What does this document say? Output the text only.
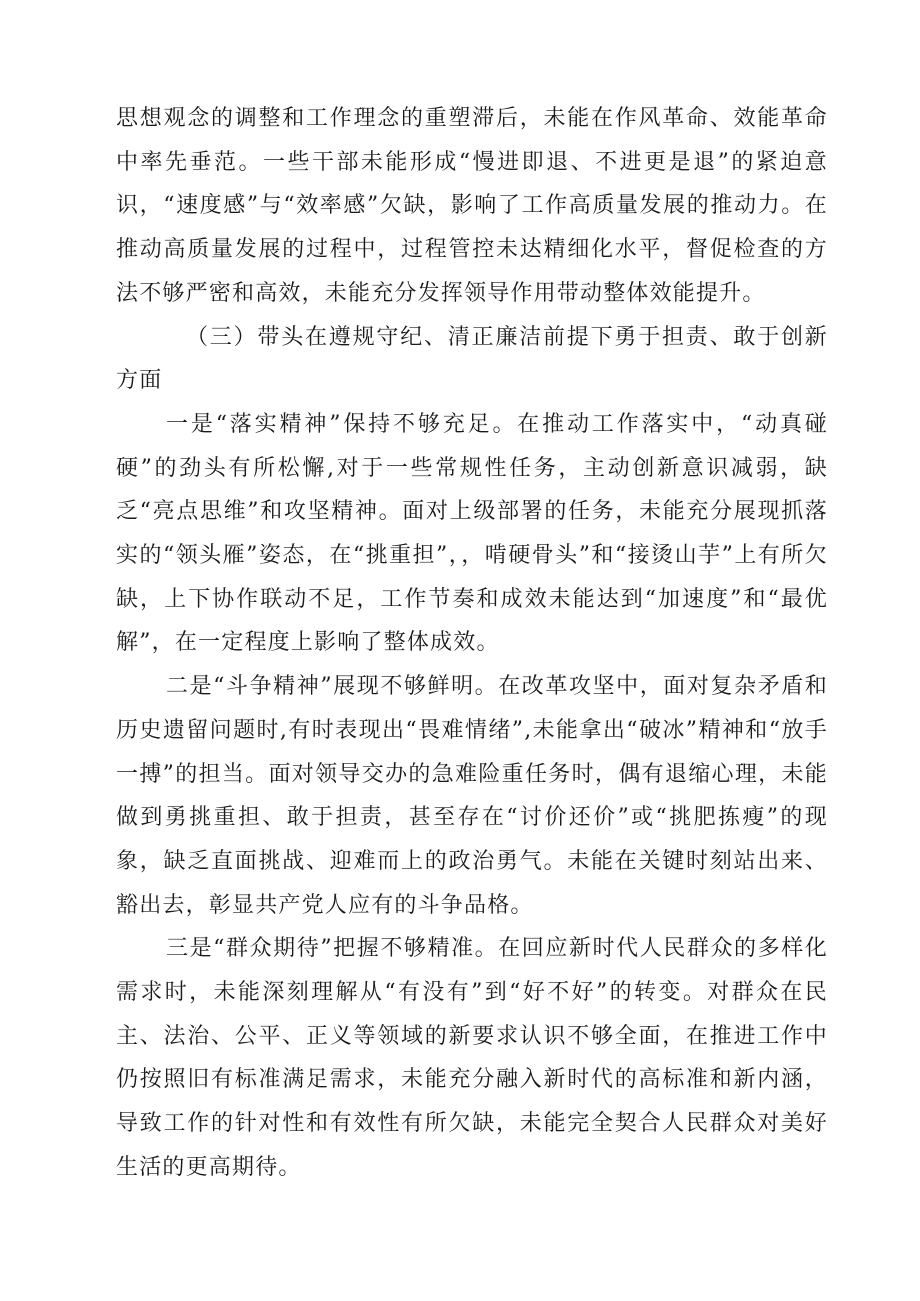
思想观念的调整和工作理念的重塑滞后，未能在作风革命、效能革命中率先垂范。一些干部未能形成“慢进即退、不进更是退”的紧迫意识，“速度感”与“效率感”欠缺，影响了工作高质量发展的推动力。在推动高质量发展的过程中，过程管控未达精细化水平，督促检查的方法不够严密和高效，未能充分发挥领导作用带动整体效能提升。

（三）带头在遵规守纪、清正廉洁前提下勇于担责、敢于创新方面

一是“落实精神”保持不够充足。在推动工作落实中，“动真碰硬”的劲头有所松懈,对于一些常规性任务，主动创新意识减弱，缺乏“亮点思维”和攻坚精神。面对上级部署的任务，未能充分展现抓落实的“领头雁”姿态，在“挑重担”，，啃硬骨头”和“接烫山芋”上有所欠缺，上下协作联动不足，工作节奏和成效未能达到“加速度”和“最优解”，在一定程度上影响了整体成效。

二是“斗争精神”展现不够鲜明。在改革攻坚中，面对复杂矛盾和历史遗留问题时,有时表现出“畏难情绪”,未能拿出“破冰”精神和“放手一搏”的担当。面对领导交办的急难险重任务时，偶有退缩心理，未能做到勇挑重担、敢于担责，甚至存在“讨价还价”或“挑肥拣瘦”的现象，缺乏直面挑战、迎难而上的政治勇气。未能在关键时刻站出来、豁出去，彰显共产党人应有的斗争品格。

三是“群众期待”把握不够精准。在回应新时代人民群众的多样化需求时，未能深刻理解从“有没有”到“好不好”的转变。对群众在民主、法治、公平、正义等领域的新要求认识不够全面，在推进工作中仍按照旧有标准满足需求，未能充分融入新时代的高标准和新内涵，导致工作的针对性和有效性有所欠缺，未能完全契合人民群众对美好生活的更高期待。
